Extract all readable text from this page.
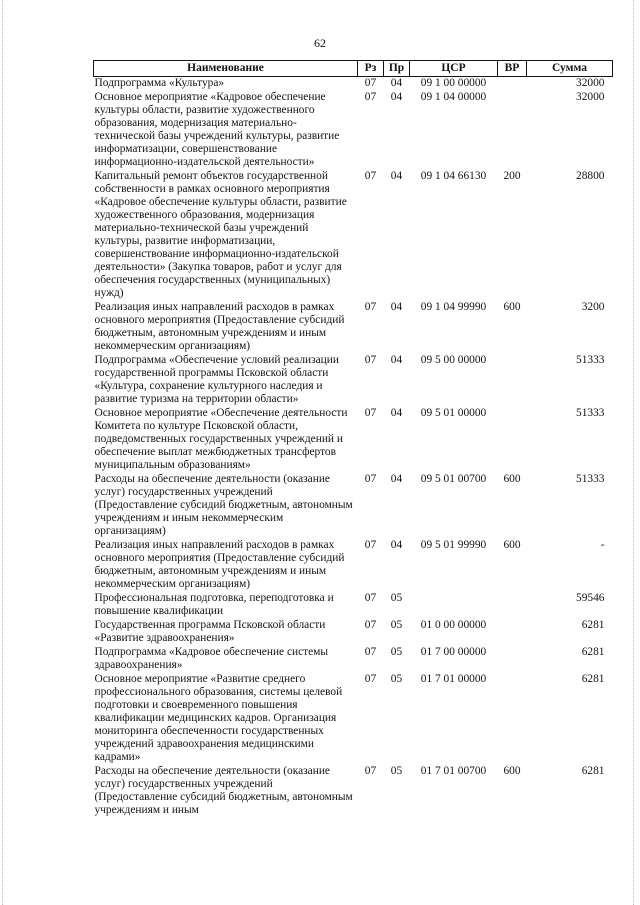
62
Наименование	Рз	Пр	ЦСР	ВР	Сумма
Подпрограмма «Культура»	07	04	09 1 00 00000		32000
Основное мероприятие «Кадровое обеспечение культуры области, развитие художественного образования, модернизация материально-технической базы учреждений культуры, развитие информатизации, совершенствование информационно-издательской деятельности»	07	04	09 1 04 00000		32000
Капитальный ремонт объектов государственной собственности в рамках основного мероприятия «Кадровое обеспечение культуры области, развитие художественного образования, модернизация материально-технической базы учреждений культуры, развитие информатизации, совершенствование информационно-издательской деятельности» (Закупка товаров, работ и услуг для обеспечения государственных (муниципальных) нужд)	07	04	09 1 04 66130	200	28800
Реализация иных направлений расходов в рамках основного мероприятия (Предоставление субсидий бюджетным, автономным учреждениям и иным некоммерческим организациям)	07	04	09 1 04 99990	600	3200
Подпрограмма «Обеспечение условий реализации государственной программы Псковской области «Культура, сохранение культурного наследия и развитие туризма на территории области»	07	04	09 5 00 00000		51333
Основное мероприятие «Обеспечение деятельности Комитета по культуре Псковской области, подведомственных государственных учреждений и обеспечение выплат межбюджетных трансфертов муниципальным образованиям»	07	04	09 5 01 00000		51333
Расходы на обеспечение деятельности (оказание услуг) государственных учреждений (Предоставление субсидий бюджетным, автономным учреждениям и иным некоммерческим организациям)	07	04	09 5 01 00700	600	51333
Реализация иных направлений расходов в рамках основного мероприятия (Предоставление субсидий бюджетным, автономным учреждениям и иным некоммерческим организациям)	07	04	09 5 01 99990	600	-
Профессиональная подготовка, переподготовка и повышение квалификации	07	05			59546
Государственная программа Псковской области «Развитие здравоохранения»	07	05	01 0 00 00000		6281
Подпрограмма «Кадровое обеспечение системы здравоохранения»	07	05	01 7 00 00000		6281
Основное мероприятие «Развитие среднего профессионального образования, системы целевой подготовки и своевременного повышения квалификации медицинских кадров. Организация мониторинга обеспеченности государственных учреждений здравоохранения медицинскими кадрами»	07	05	01 7 01 00000		6281
Расходы на обеспечение деятельности (оказание услуг) государственных учреждений (Предоставление субсидий бюджетным, автономным учреждениям и иным	07	05	01 7 01 00700	600	6281
